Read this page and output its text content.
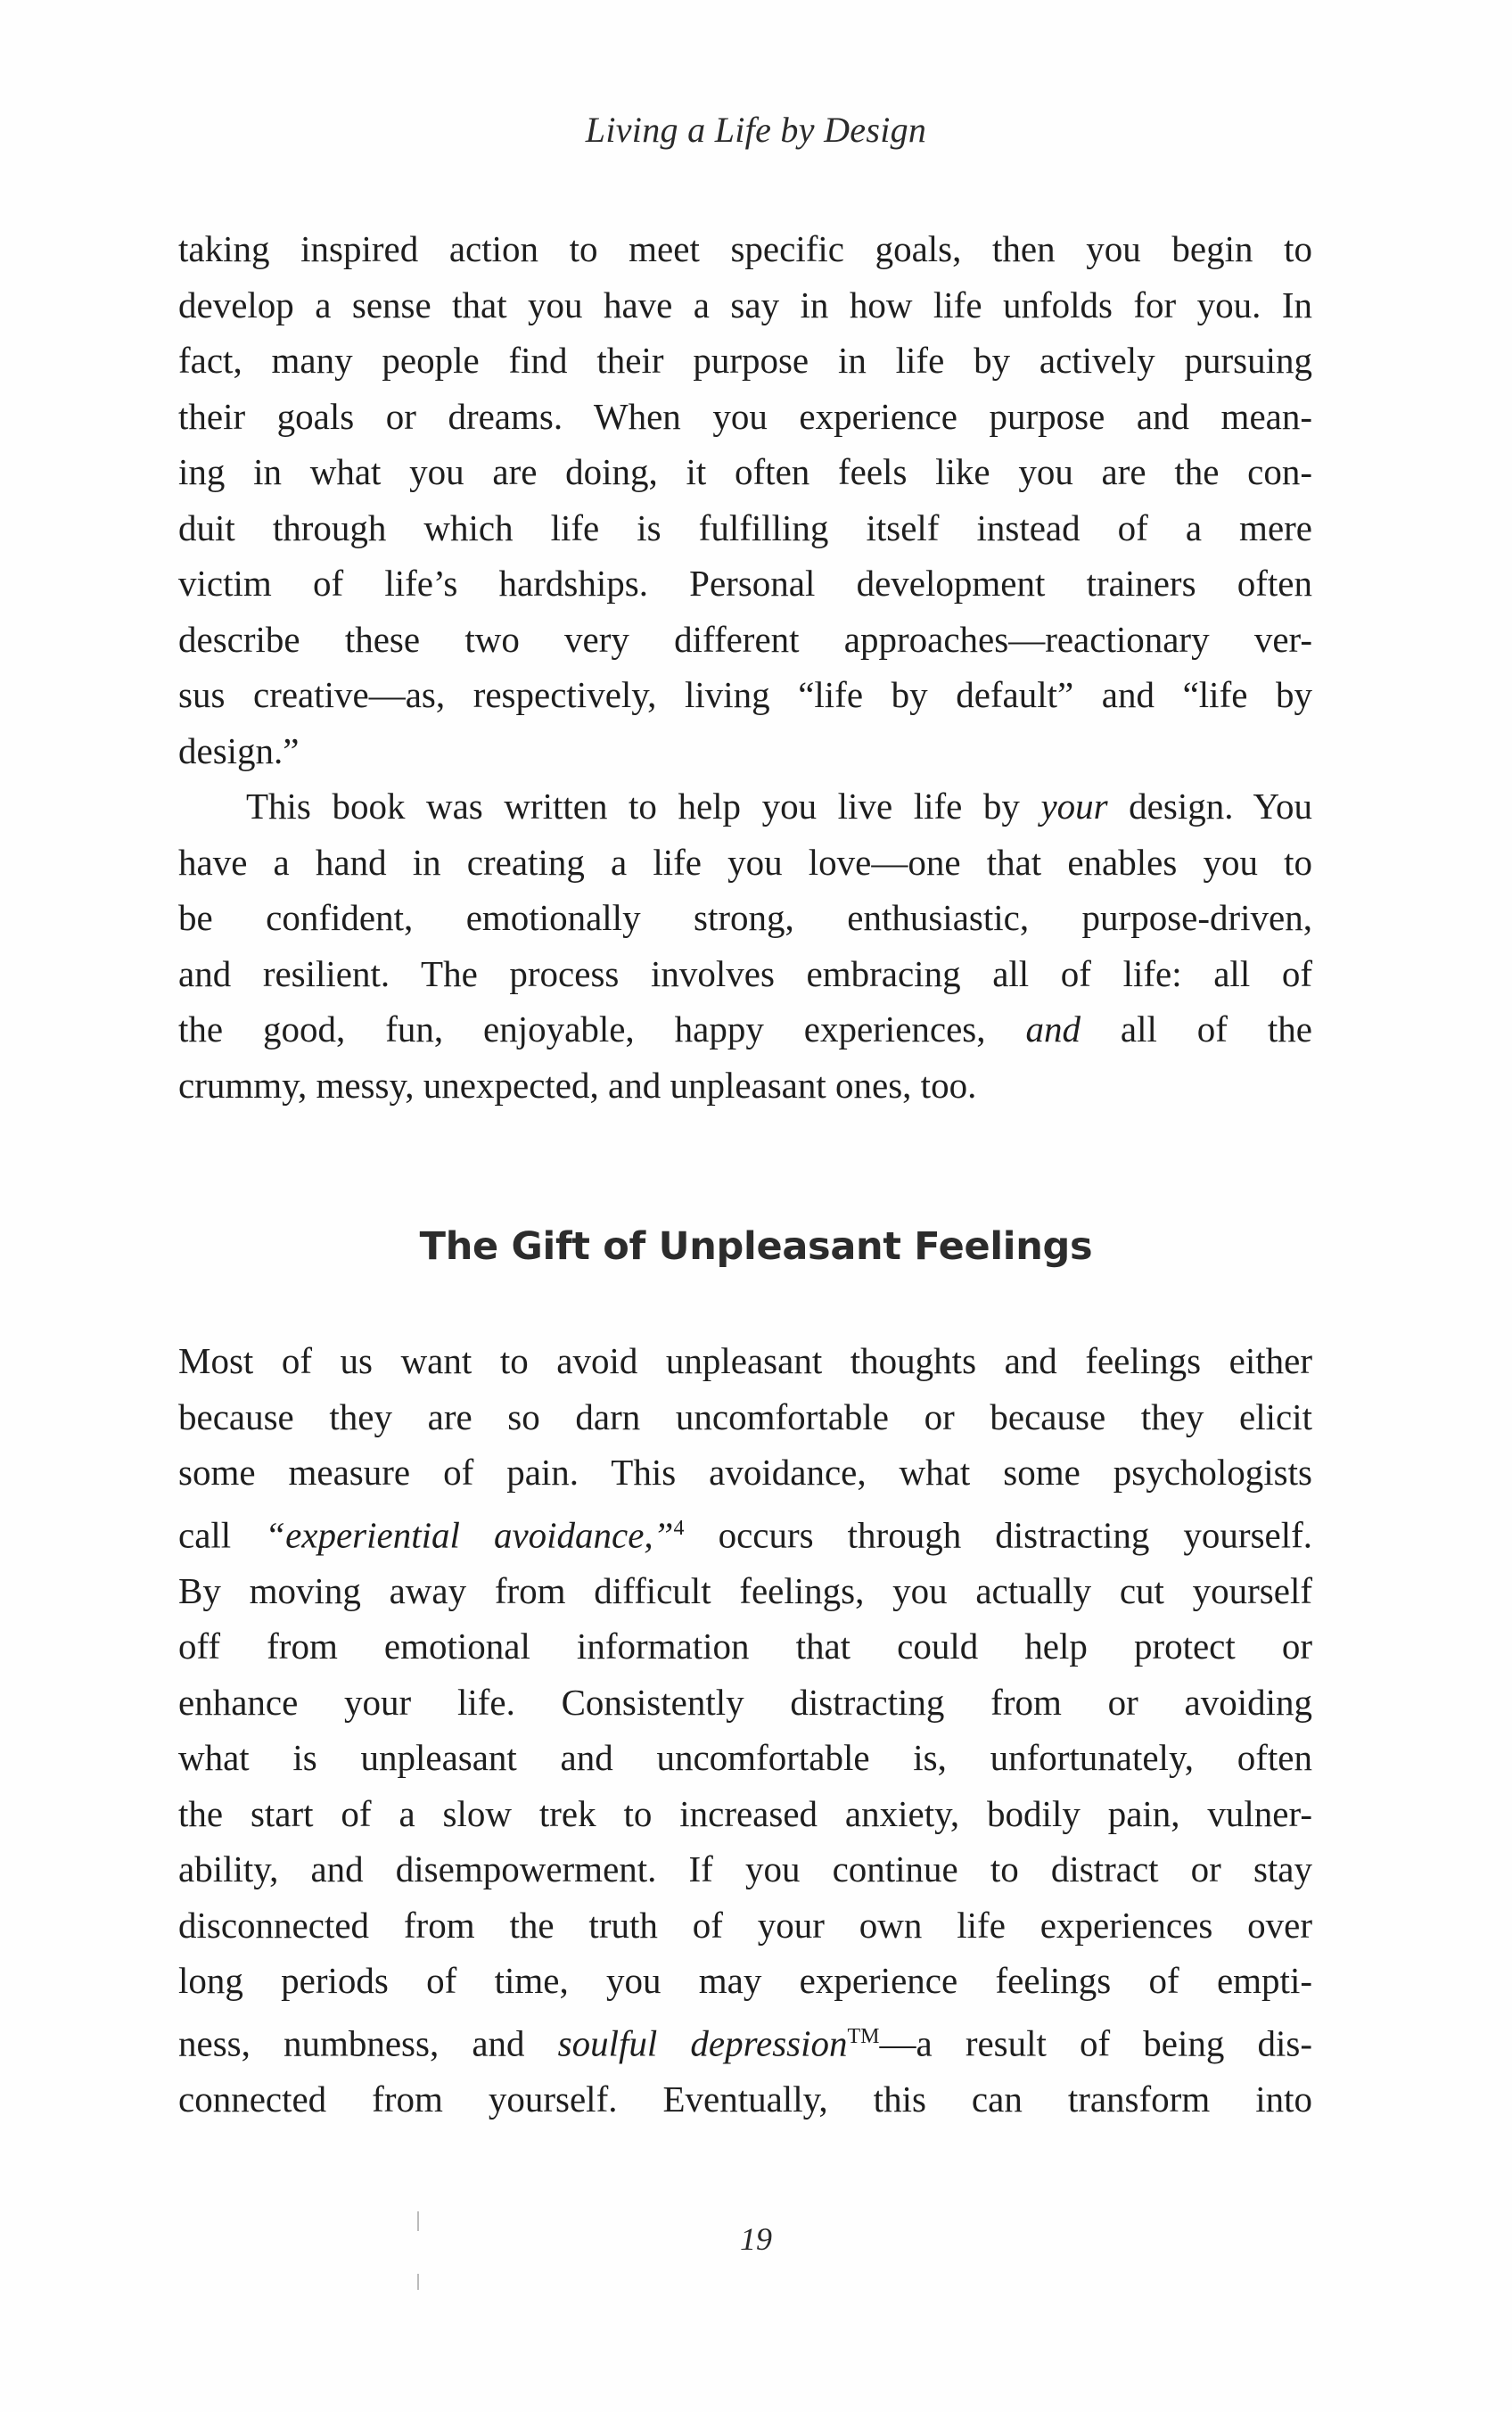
Living a Life by Design

taking inspired action to meet specific goals, then you begin to
develop a sense that you have a say in how life unfolds for you. In
fact, many people find their purpose in life by actively pursuing
their goals or dreams. When you experience purpose and mean-
ing in what you are doing, it often feels like you are the con-
duit through which life is fulfilling itself instead of a mere
victim of life’s hardships. Personal development trainers often
describe these two very different approaches—reactionary ver-
sus creative—as, respectively, living “life by default” and “life by
design.”

This book was written to help you live life by your design. You
have a hand in creating a life you love—one that enables you to
be confident, emotionally strong, enthusiastic, purpose-driven,
and resilient. The process involves embracing all of life: all of
the good, fun, enjoyable, happy experiences, and all of the
crummy, messy, unexpected, and unpleasant ones, too.

The Gift of Unpleasant Feelings

Most of us want to avoid unpleasant thoughts and feelings either
because they are so darn uncomfortable or because they elicit
some measure of pain. This avoidance, what some psychologists
call “experiential avoidance,”$^4$ occurs through distracting yourself.
By moving away from difficult feelings, you actually cut yourself
off from emotional information that could help protect or
enhance your life. Consistently distracting from or avoiding
what is unpleasant and uncomfortable is, unfortunately, often
the start of a slow trek to increased anxiety, bodily pain, vulner-
ability, and disempowerment. If you continue to distract or stay
disconnected from the truth of your own life experiences over
long periods of time, you may experience feelings of empti-
ness, numbness, and soulful depression™—a result of being dis-
connected from yourself. Eventually, this can transform into

19
